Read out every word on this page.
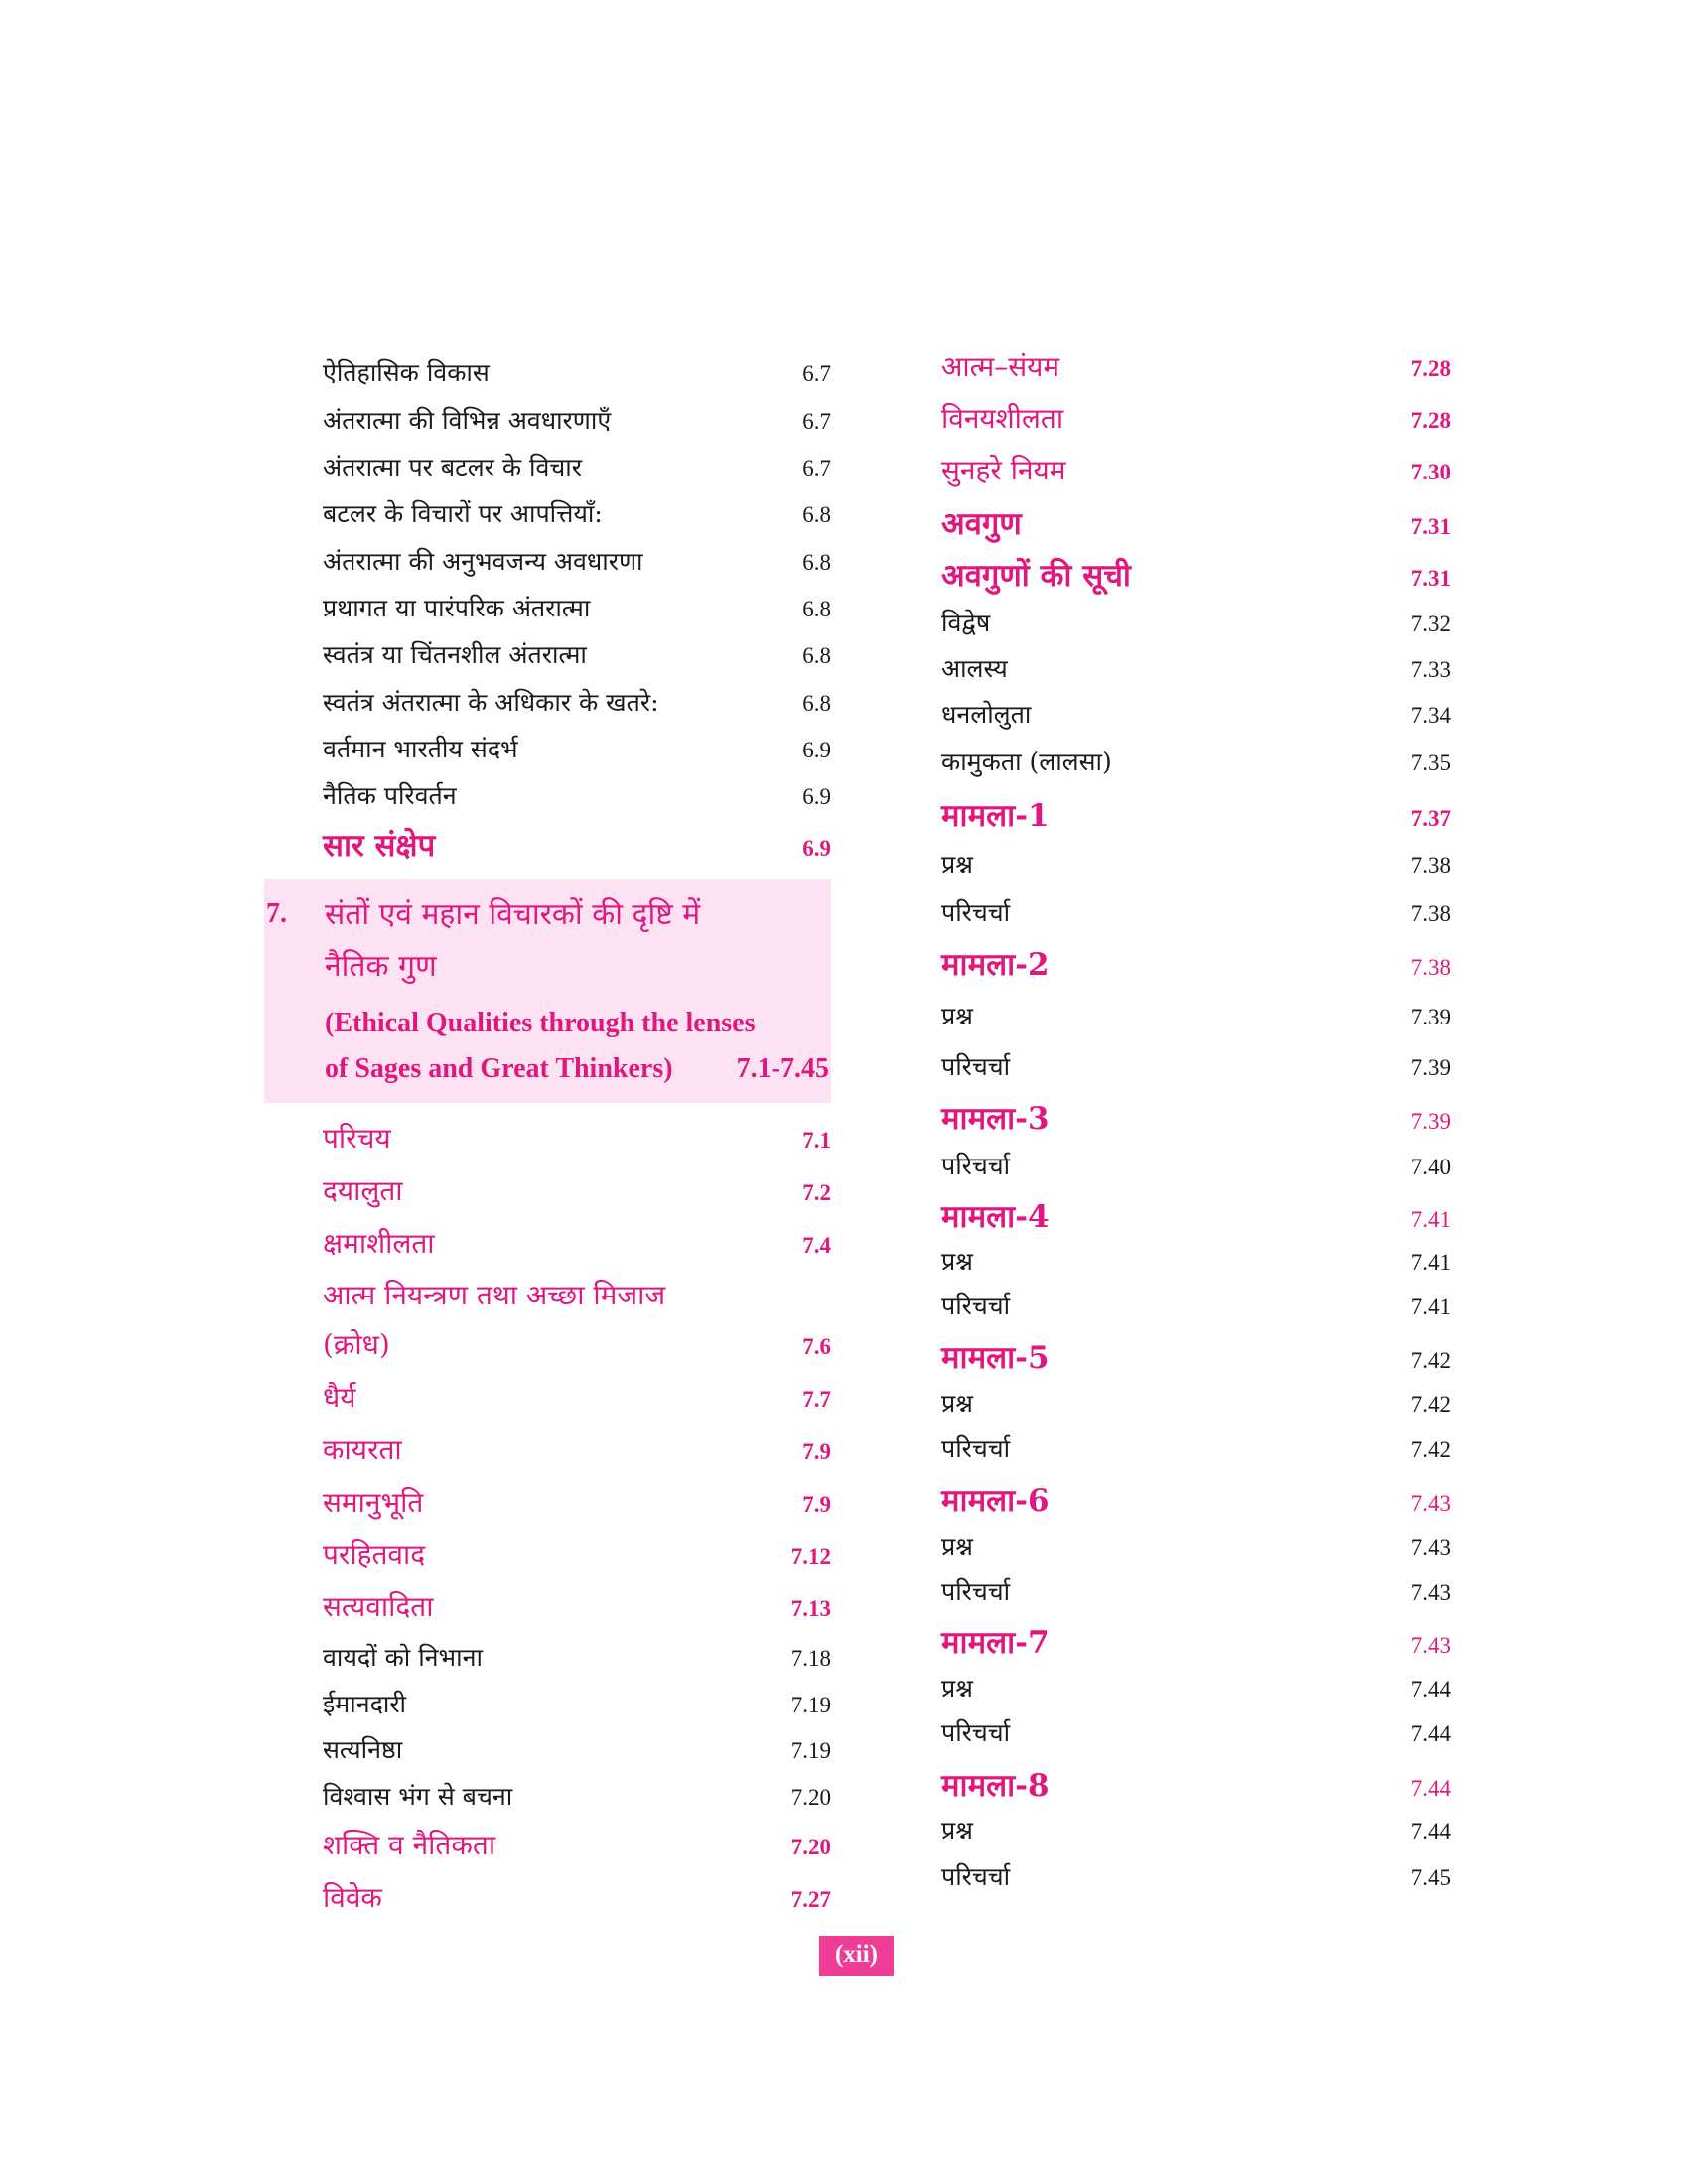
ऐतिहासिक विकास	6.7
अंतरात्मा की विभिन्न अवधारणाएँ	6.7
अंतरात्मा पर बटलर के विचार	6.7
बटलर के विचारों पर आपत्तियाँ:	6.8
अंतरात्मा की अनुभवजन्य अवधारणा	6.8
प्रथागत या पारंपरिक अंतरात्मा	6.8
स्वतंत्र या चिंतनशील अंतरात्मा	6.8
स्वतंत्र अंतरात्मा के अधिकार के खतरे:	6.8
वर्तमान भारतीय संदर्भ	6.9
नैतिक परिवर्तन	6.9
सार संक्षेप	6.9
परिचय	7.1
दयालुता	7.2
क्षमाशीलता	7.4
आत्म नियन्त्रण तथा अच्छा मिजाज
(क्रोध)	7.6
धैर्य	7.7
कायरता	7.9
समानुभूति	7.9
परहितवाद	7.12
सत्यवादिता	7.13
वायदों को निभाना	7.18
ईमानदारी	7.19
सत्यनिष्ठा	7.19
विश्वास भंग से बचना	7.20
शक्ति व नैतिकता	7.20
विवेक	7.27
7. संतों एवं महान विचारकों की दृष्टि में
नैतिक गुण
(Ethical Qualities through the lenses
of Sages and Great Thinkers) 7.1-7.45
आत्म–संयम	7.28
विनयशीलता	7.28
सुनहरे नियम	7.30
अवगुण	7.31
अवगुणों की सूची	7.31
विद्वेष	7.32
आलस्य	7.33
धनलोलुता	7.34
कामुकता (लालसा)	7.35
मामला-1	7.37
प्रश्न	7.38
परिचर्चा	7.38
मामला-2	7.38
प्रश्न	7.39
परिचर्चा	7.39
मामला-3	7.39
परिचर्चा	7.40
मामला-4	7.41
प्रश्न	7.41
परिचर्चा	7.41
मामला-5	7.42
प्रश्न	7.42
परिचर्चा	7.42
मामला-6	7.43
प्रश्न	7.43
परिचर्चा	7.43
मामला-7	7.43
प्रश्न	7.44
परिचर्चा	7.44
मामला-8	7.44
प्रश्न	7.44
परिचर्चा	7.45
(xii)
